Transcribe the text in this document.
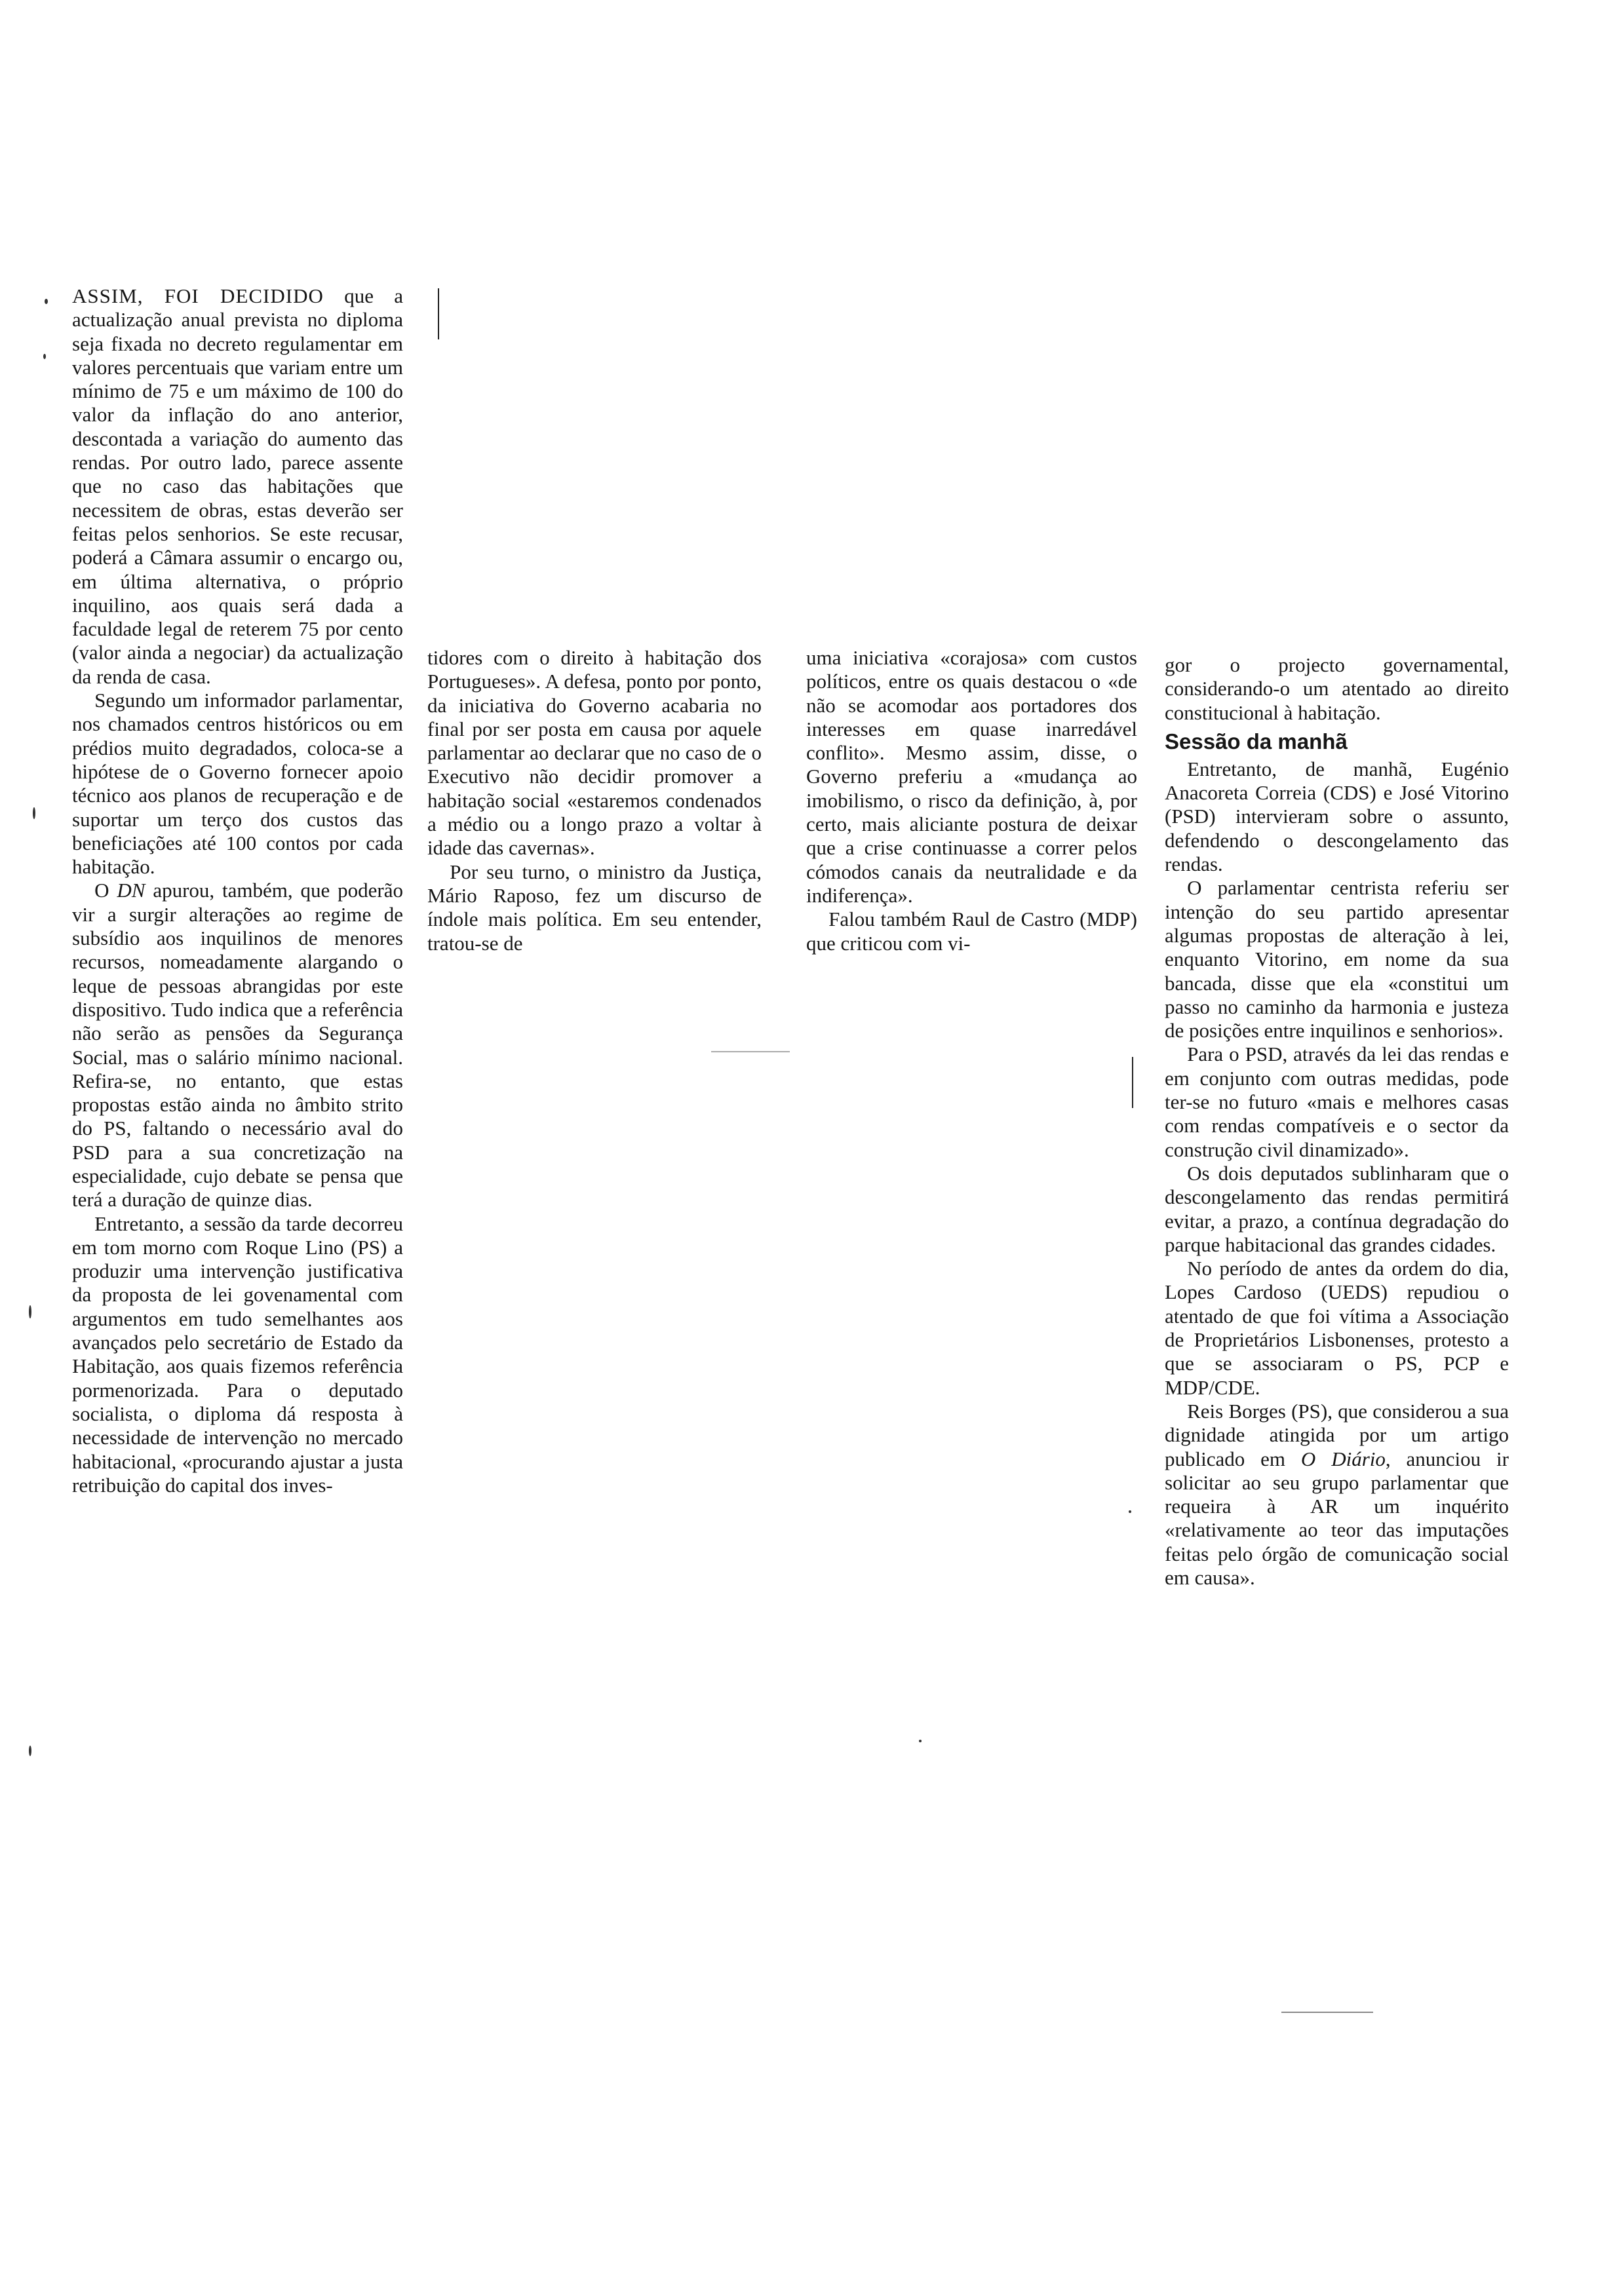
ASSIM, FOI DECIDIDO que a actualização anual prevista no diploma seja fixada no decreto regulamentar em valores percentuais que variam entre um mínimo de 75 e um máximo de 100 do valor da inflação do ano anterior, descontada a variação do aumento das rendas. Por outro lado, parece assente que no caso das habitações que necessitem de obras, estas deverão ser feitas pelos senhorios. Se este recusar, poderá a Câmara assumir o encargo ou, em última alternativa, o próprio inquilino, aos quais será dada a faculdade legal de reterem 75 por cento (valor ainda a negociar) da actualização da renda de casa.

Segundo um informador parlamentar, nos chamados centros históricos ou em prédios muito degradados, coloca-se a hipótese de o Governo fornecer apoio técnico aos planos de recuperação e de suportar um terço dos custos das beneficiações até 100 contos por cada habitação.

O DN apurou, também, que poderão vir a surgir alterações ao regime de subsídio aos inquilinos de menores recursos, nomeadamente alargando o leque de pessoas abrangidas por este dispositivo. Tudo indica que a referência não serão as pensões da Segurança Social, mas o salário mínimo nacional. Refira-se, no entanto, que estas propostas estão ainda no âmbito strito do PS, faltando o necessário aval do PSD para a sua concretização na especialidade, cujo debate se pensa que terá a duração de quinze dias.

Entretanto, a sessão da tarde decorreu em tom morno com Roque Lino (PS) a produzir uma intervenção justificativa da proposta de lei govenamental com argumentos em tudo semelhantes aos avançados pelo secretário de Estado da Habitação, aos quais fizemos referência pormenorizada. Para o deputado socialista, o diploma dá resposta à necessidade de intervenção no mercado habitacional, «procurando ajustar a justa retribuição do capital dos inves-

tidores com o direito à habitação dos Portugueses». A defesa, ponto por ponto, da iniciativa do Governo acabaria no final por ser posta em causa por aquele parlamentar ao declarar que no caso de o Executivo não decidir promover a habitação social «estaremos condenados a médio ou a longo prazo a voltar à idade das cavernas».

Por seu turno, o ministro da Justiça, Mário Raposo, fez um discurso de índole mais política. Em seu entender, tratou-se de

uma iniciativa «corajosa» com custos políticos, entre os quais destacou o «de não se acomodar aos portadores dos interesses em quase inarredável conflito». Mesmo assim, disse, o Governo preferiu a «mudança ao imobilismo, o risco da definição, à, por certo, mais aliciante postura de deixar que a crise continuasse a correr pelos cómodos canais da neutralidade e da indiferença».

Falou também Raul de Castro (MDP) que criticou com vi-

gor o projecto governamental, considerando-o um atentado ao direito constitucional à habitação.

Sessão da manhã

Entretanto, de manhã, Eugénio Anacoreta Correia (CDS) e José Vitorino (PSD) intervieram sobre o assunto, defendendo o descongelamento das rendas.

O parlamentar centrista referiu ser intenção do seu partido apresentar algumas propostas de alteração à lei, enquanto Vitorino, em nome da sua bancada, disse que ela «constitui um passo no caminho da harmonia e justeza de posições entre inquilinos e senhorios».

Para o PSD, através da lei das rendas e em conjunto com outras medidas, pode ter-se no futuro «mais e melhores casas com rendas compatíveis e o sector da construção civil dinamizado».

Os dois deputados sublinharam que o descongelamento das rendas permitirá evitar, a prazo, a contínua degradação do parque habitacional das grandes cidades.

No período de antes da ordem do dia, Lopes Cardoso (UEDS) repudiou o atentado de que foi vítima a Associação de Proprietários Lisbonenses, protesto a que se associaram o PS, PCP e MDP/CDE.

Reis Borges (PS), que considerou a sua dignidade atingida por um artigo publicado em O Diário, anunciou ir solicitar ao seu grupo parlamentar que requeira à AR um inquérito «relativamente ao teor das imputações feitas pelo órgão de comunicação social em causa».
